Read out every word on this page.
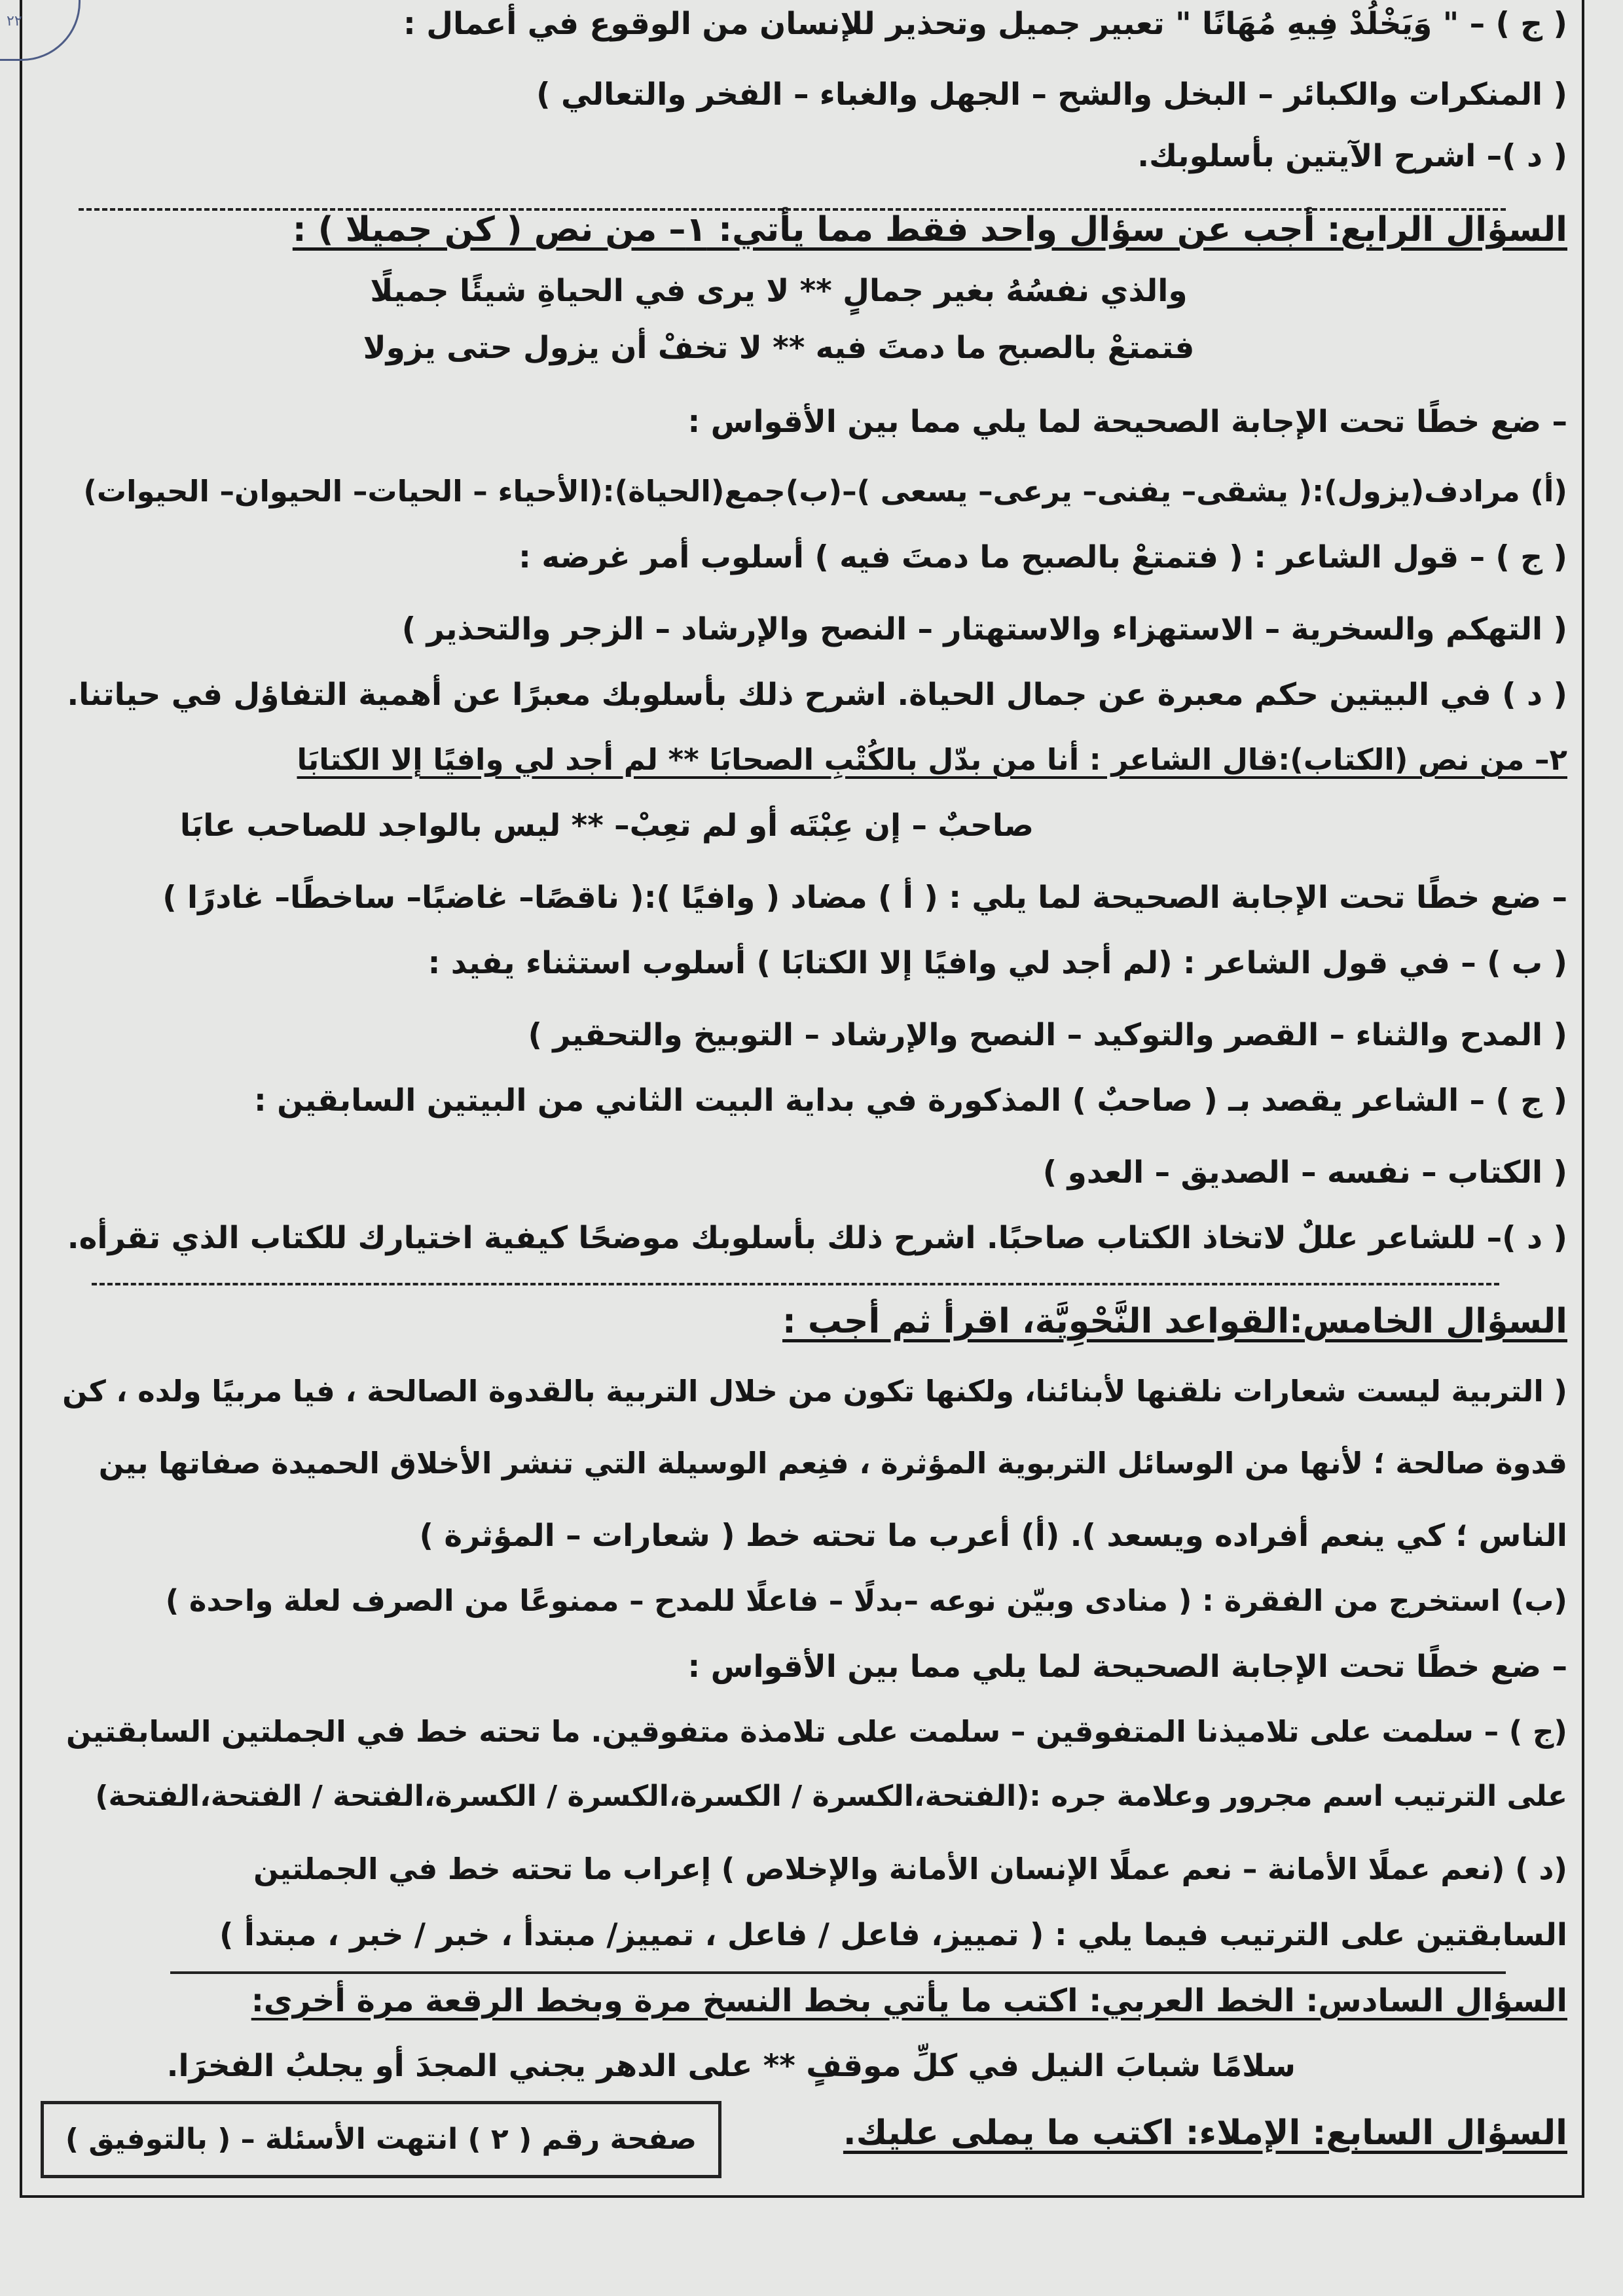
٢٢	( ج ) – " وَيَخْلُدْ فِيهِ مُهَانًا " تعبير جميل وتحذير للإنسان من الوقوع في أعمال :
( المنكرات والكبائر – البخل والشح – الجهل والغباء – الفخر والتعالي )
( د )– اشرح الآيتين بأسلوبك.
السؤال الرابع: أجب عن سؤال واحد فقط مما يأتي: ١– من نص ( كن جميلا ) :
والذي نفسُهُ بغير جمالٍ ** لا يرى في الحياةِ شيئًا جميلًا
فتمتعْ بالصبح ما دمتَ فيه ** لا تخفْ أن يزول حتى يزولا
– ضع خطًا تحت الإجابة الصحيحة لما يلي مما بين الأقواس :
(أ) مرادف(يزول):( يشقى– يفنى– يرعى– يسعى )–(ب)جمع(الحياة):(الأحياء – الحيات– الحيوان– الحيوات)
( ج ) – قول الشاعر : ( فتمتعْ بالصبح ما دمتَ فيه ) أسلوب أمر غرضه :
( التهكم والسخرية – الاستهزاء والاستهتار – النصح والإرشاد – الزجر والتحذير )
( د ) في البيتين حكم معبرة عن جمال الحياة. اشرح ذلك بأسلوبك معبرًا عن أهمية التفاؤل في حياتنا.
٢– من نص (الكتاب):قال الشاعر : أنا من بدّل بالكُتْبِ الصحابَا ** لم أجد لي وافيًا إلا الكتابَا
صاحبٌ – إن عِبْتَه أو لم تعِبْ– ** ليس بالواجد للصاحب عابَا
– ضع خطًا تحت الإجابة الصحيحة لما يلي : ( أ ) مضاد ( وافيًا ):( ناقصًا– غاضبًا– ساخطًا– غادرًا )
( ب ) – في قول الشاعر : (لم أجد لي وافيًا إلا الكتابَا ) أسلوب استثناء يفيد :
( المدح والثناء – القصر والتوكيد – النصح والإرشاد – التوبيخ والتحقير )
( ج ) – الشاعر يقصد بـ ( صاحبٌ ) المذكورة في بداية البيت الثاني من البيتين السابقين :
( الكتاب – نفسه – الصديق – العدو )
( د )– للشاعر عللٌ لاتخاذ الكتاب صاحبًا. اشرح ذلك بأسلوبك موضحًا كيفية اختيارك للكتاب الذي تقرأه.
السؤال الخامس:القواعد النَّحْوِيَّة، اقرأ ثم أجب :
( التربية ليست شعارات نلقنها لأبنائنا، ولكنها تكون من خلال التربية بالقدوة الصالحة ، فيا مربيًا ولده ، كن
قدوة صالحة ؛ لأنها من الوسائل التربوية المؤثرة ، فنِعم الوسيلة التي تنشر الأخلاق الحميدة صفاتها بين
الناس ؛ كي ينعم أفراده ويسعد ). (أ) أعرب ما تحته خط ( شعارات – المؤثرة )
(ب) استخرج من الفقرة : ( منادى وبيّن نوعه –بدلًا – فاعلًا للمدح – ممنوعًا من الصرف لعلة واحدة )
– ضع خطًا تحت الإجابة الصحيحة لما يلي مما بين الأقواس :
(ج ) – سلمت على تلاميذنا المتفوقين – سلمت على تلامذة متفوقين. ما تحته خط في الجملتين السابقتين
على الترتيب اسم مجرور وعلامة جره :(الفتحة،الكسرة / الكسرة،الكسرة / الكسرة،الفتحة / الفتحة،الفتحة)
(د ) (نعم عملًا الأمانة – نعم عملًا الإنسان الأمانة والإخلاص ) إعراب ما تحته خط في الجملتين
السابقتين على الترتيب فيما يلي : ( تمييز، فاعل / فاعل ، تمييز/ مبتدأ ، خبر / خبر ، مبتدأ )
السؤال السادس: الخط العربي: اكتب ما يأتي بخط النسخ مرة وبخط الرقعة مرة أخرى:
سلامًا شبابَ النيل في كلِّ موقفٍ ** على الدهر يجني المجدَ أو يجلبُ الفخرَا.
السؤال السابع: الإملاء: اكتب ما يملى عليك.
صفحة رقم ( ٢ ) انتهت الأسئلة – ( بالتوفيق )
